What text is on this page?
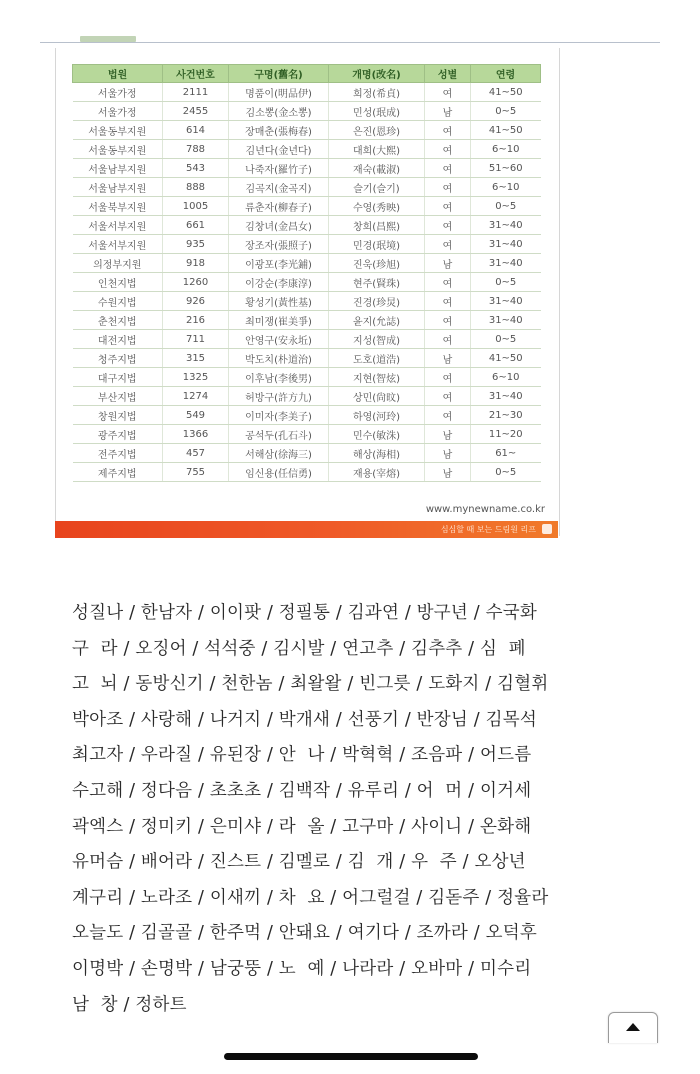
법원	사건번호	구명(舊名)	개명(改名)	성별	연령
서울가정	2111	명품이(明品伊)	희정(希貞)	여	41~50
서울가정	2455	김소뽕(金소뽕)	민성(珉成)	남	0~5
서울동부지원	614	장매춘(張梅春)	은진(恩珍)	여	41~50
서울동부지원	788	김년다(金년다)	대희(大熙)	여	6~10
서울남부지원	543	나죽자(羅竹子)	재숙(載淑)	여	51~60
서울남부지원	888	김곡지(金곡지)	슬기(슬기)	여	6~10
서울북부지원	1005	류춘자(柳春子)	수영(秀映)	여	0~5
서울서부지원	661	김창녀(金昌女)	창희(昌熙)	여	31~40
서울서부지원	935	장조자(張照子)	민경(珉境)	여	31~40
의정부지원	918	이광포(李光鋪)	진욱(珍旭)	남	31~40
인천지법	1260	이강순(李康淳)	현주(賢珠)	여	0~5
수원지법	926	황성기(黃性基)	진경(珍炅)	여	31~40
춘천지법	216	최미쟁(崔美爭)	윤지(允誌)	여	31~40
대전지법	711	안영구(安永坵)	지성(智成)	여	0~5
청주지법	315	박도치(朴道治)	도호(道浩)	남	41~50
대구지법	1325	이후남(李後男)	지현(智炫)	여	6~10
부산지법	1274	허방구(許方九)	상민(尙旼)	여	31~40
창원지법	549	이미자(李美子)	하영(河玲)	여	21~30
광주지법	1366	공석두(孔石斗)	민수(敏洙)	남	11~20
전주지법	457	서해삼(徐海三)	해상(海相)	남	61~
제주지법	755	임신용(任信勇)	재용(宰熔)	남	0~5
www.mynewname.co.kr
심심할 때 보는 드림원 리프
성질나 / 한남자 / 이이팟 / 정필통 / 김과연 / 방구년 / 수국화
구  라 / 오징어 / 석석중 / 김시발 / 연고추 / 김추추 / 심  폐
고  뇌 / 동방신기 / 천한놈 / 최왈왈 / 빈그릇 / 도화지 / 김혈휘
박아조 / 사랑해 / 나거지 / 박개새 / 선풍기 / 반장님 / 김목석
최고자 / 우라질 / 유된장 / 안  나 / 박혁혁 / 조음파 / 어드름
수고해 / 정다음 / 초초초 / 김백작 / 유루리 / 어  머 / 이거세
곽엑스 / 정미키 / 은미샤 / 라  올 / 고구마 / 사이니 / 온화해
유머슴 / 배어라 / 진스트 / 김멜로 / 김  개 / 우  주 / 오상년
계구리 / 노라조 / 이새끼 / 차  요 / 어그럴걸 / 김돋주 / 정율라
오늘도 / 김골골 / 한주먹 / 안돼요 / 여기다 / 조까라 / 오덕후
이명박 / 손명박 / 남궁뚱 / 노  예 / 나라라 / 오바마 / 미수리
남  창 / 정하트
